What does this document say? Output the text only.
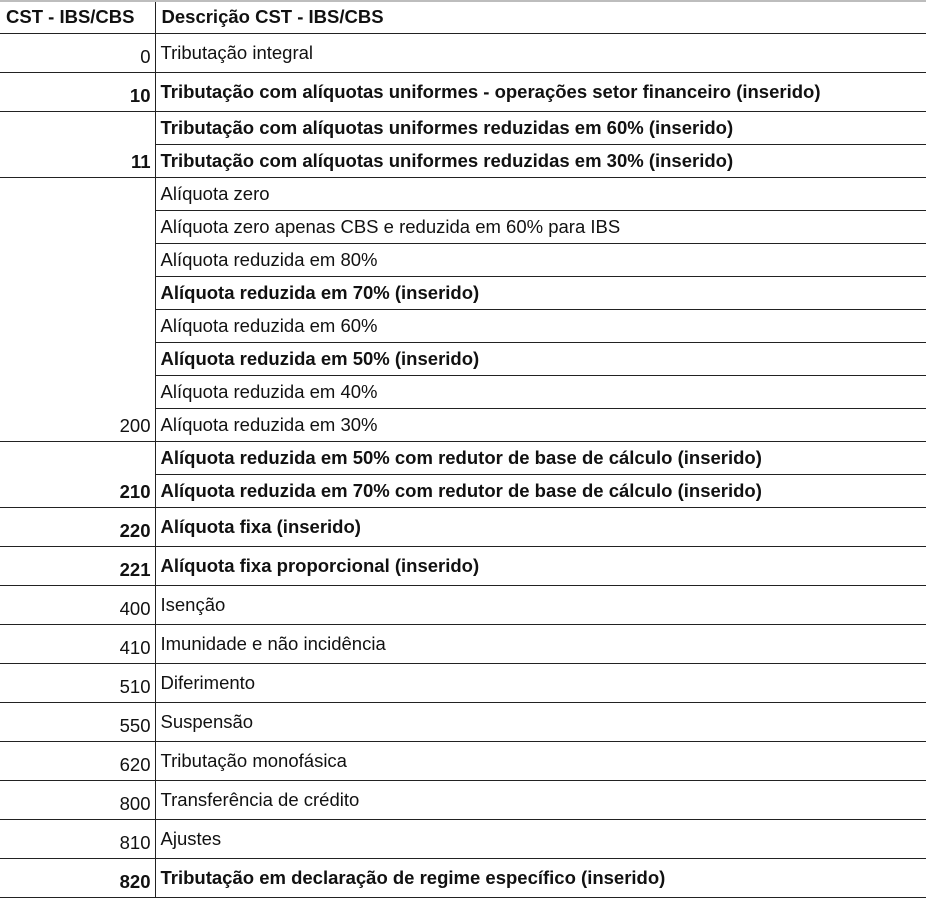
CST - IBS/CBS	Descrição CST - IBS/CBS
0	Tributação integral
10	Tributação com alíquotas uniformes - operações setor financeiro (inserido)
11	Tributação com alíquotas uniformes reduzidas em 60% (inserido)
	Tributação com alíquotas uniformes reduzidas em 30% (inserido)
200	Alíquota zero
	Alíquota zero apenas CBS e reduzida em 60% para IBS
	Alíquota reduzida em 80%
	Alíquota reduzida em 70% (inserido)
	Alíquota reduzida em 60%
	Alíquota reduzida em 50% (inserido)
	Alíquota reduzida em 40%
	Alíquota reduzida em 30%
210	Alíquota reduzida em 50% com redutor de base de cálculo (inserido)
	Alíquota reduzida em 70% com redutor de base de cálculo (inserido)
220	Alíquota fixa (inserido)
221	Alíquota fixa proporcional (inserido)
400	Isenção
410	Imunidade e não incidência
510	Diferimento
550	Suspensão
620	Tributação monofásica
800	Transferência de crédito
810	Ajustes
820	Tributação em declaração de regime específico (inserido)
